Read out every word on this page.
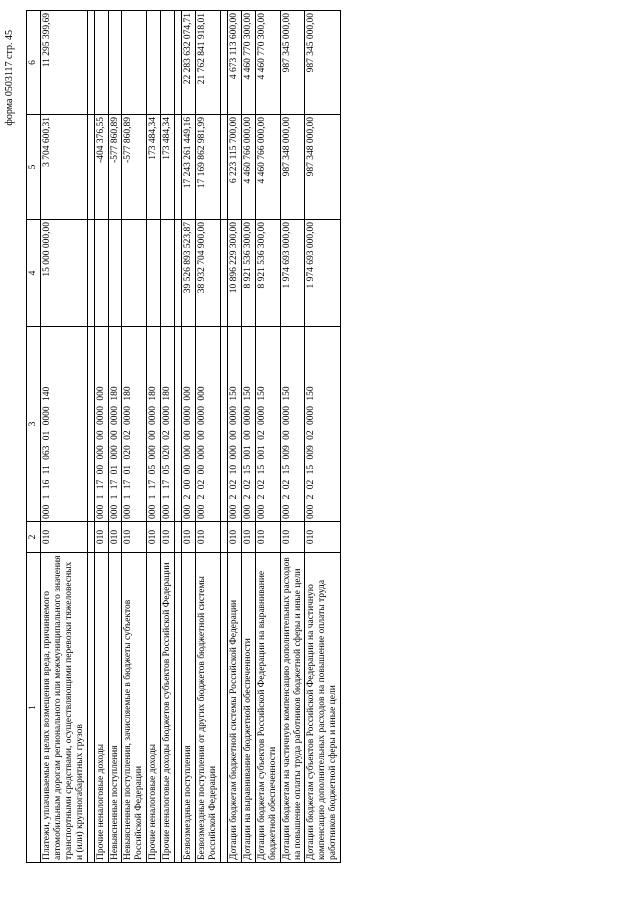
форма 0503117 стр. 45
1	2	3	4	5	6
Платежи, уплачиваемые в целях возмещения вреда, причиняемого автомобильным дорогам регионального или межмуниципального значения транспортными средствами, осуществляющими перевозки тяжеловесных и (или) крупногабаритных грузов	010	000 1 16 11 063 01 0000 140	15 000 000,00	3 704 600,31	11 295 399,69

Прочие неналоговые доходы	010	000 1 17 00 000 00 0000 000		-404 376,55	
Невыясненные поступления	010	000 1 17 01 000 00 0000 180		-577 860,89	
Невыясненные поступления, зачисляемые в бюджеты субъектов Российской Федерации	010	000 1 17 01 020 02 0000 180		-577 860,89	
Прочие неналоговые доходы	010	000 1 17 05 000 00 0000 180		173 484,34	
Прочие неналоговые доходы бюджетов субъектов Российской Федерации	010	000 1 17 05 020 02 0000 180		173 484,34	

Безвозмездные поступления	010	000 2 00 00 000 00 0000 000	39 526 893 523,87	17 243 261 449,16	22 283 632 074,71
Безвозмездные поступления от других бюджетов бюджетной системы Российской Федерации	010	000 2 02 00 000 00 0000 000	38 932 704 900,00	17 169 862 981,99	21 762 841 918,01

Дотации бюджетам бюджетной системы Российской Федерации	010	000 2 02 10 000 00 0000 150	10 896 229 300,00	6 223 115 700,00	4 673 113 600,00
Дотации на выравнивание бюджетной обеспеченности	010	000 2 02 15 001 00 0000 150	8 921 536 300,00	4 460 766 000,00	4 460 770 300,00
Дотации бюджетам субъектов Российской Федерации на выравнивание бюджетной обеспеченности	010	000 2 02 15 001 02 0000 150	8 921 536 300,00	4 460 766 000,00	4 460 770 300,00
Дотации бюджетам на частичную компенсацию дополнительных расходов на повышение оплаты труда работников бюджетной сферы и иные цели	010	000 2 02 15 009 00 0000 150	1 974 693 000,00	987 348 000,00	987 345 000,00
Дотации бюджетам субъектов Российской Федерации на частичную компенсацию дополнительных расходов на повышение оплаты труда работников бюджетной сферы и иные цели	010	000 2 02 15 009 02 0000 150	1 974 693 000,00	987 348 000,00	987 345 000,00
